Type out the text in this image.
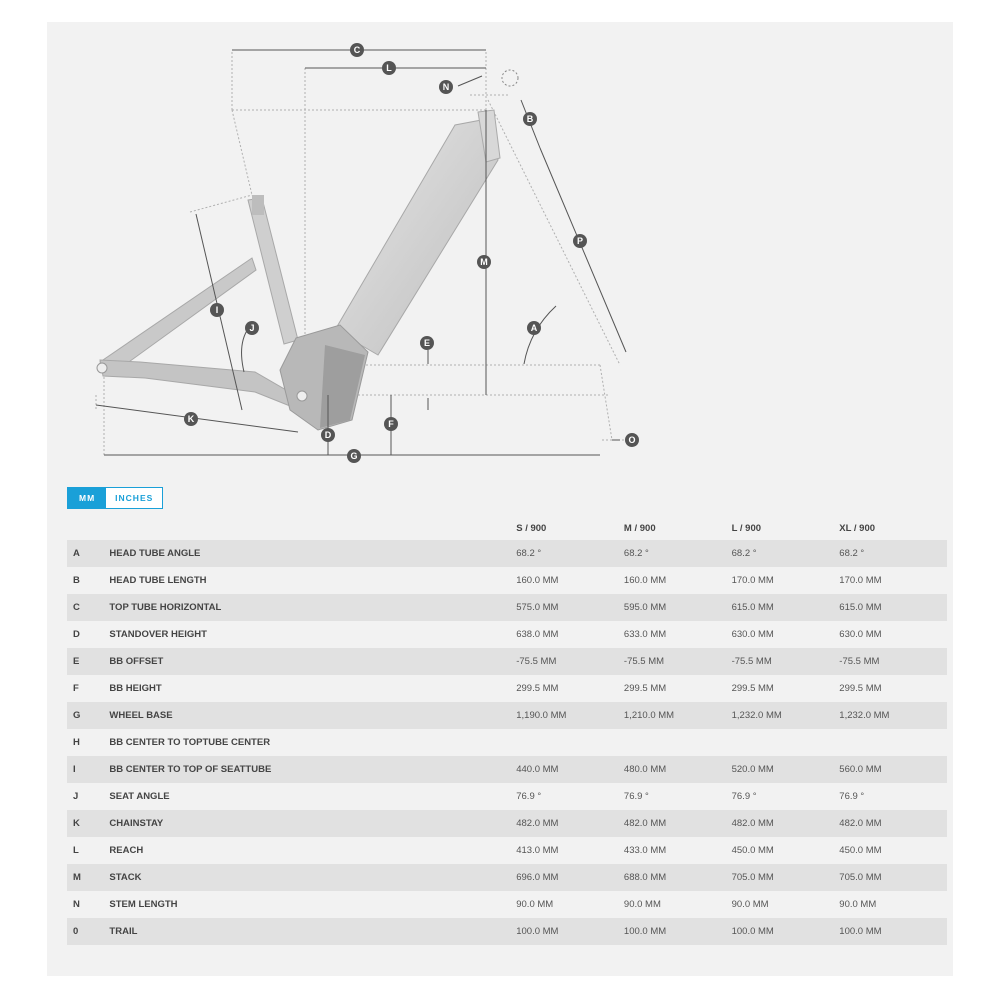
C
L
N
B
P
M
A
E
I
J
K	F
D
G
O
MM	INCHES
		S / 900	M / 900	L / 900	XL / 900
A	HEAD TUBE ANGLE	68.2 °	68.2 °	68.2 °	68.2 °
B	HEAD TUBE LENGTH	160.0 MM	160.0 MM	170.0 MM	170.0 MM
C	TOP TUBE HORIZONTAL	575.0 MM	595.0 MM	615.0 MM	615.0 MM
D	STANDOVER HEIGHT	638.0 MM	633.0 MM	630.0 MM	630.0 MM
E	BB OFFSET	-75.5 MM	-75.5 MM	-75.5 MM	-75.5 MM
F	BB HEIGHT	299.5 MM	299.5 MM	299.5 MM	299.5 MM
G	WHEEL BASE	1,190.0 MM	1,210.0 MM	1,232.0 MM	1,232.0 MM
H	BB CENTER TO TOPTUBE CENTER				
I	BB CENTER TO TOP OF SEATTUBE	440.0 MM	480.0 MM	520.0 MM	560.0 MM
J	SEAT ANGLE	76.9 °	76.9 °	76.9 °	76.9 °
K	CHAINSTAY	482.0 MM	482.0 MM	482.0 MM	482.0 MM
L	REACH	413.0 MM	433.0 MM	450.0 MM	450.0 MM
M	STACK	696.0 MM	688.0 MM	705.0 MM	705.0 MM
N	STEM LENGTH	90.0 MM	90.0 MM	90.0 MM	90.0 MM
0	TRAIL	100.0 MM	100.0 MM	100.0 MM	100.0 MM
